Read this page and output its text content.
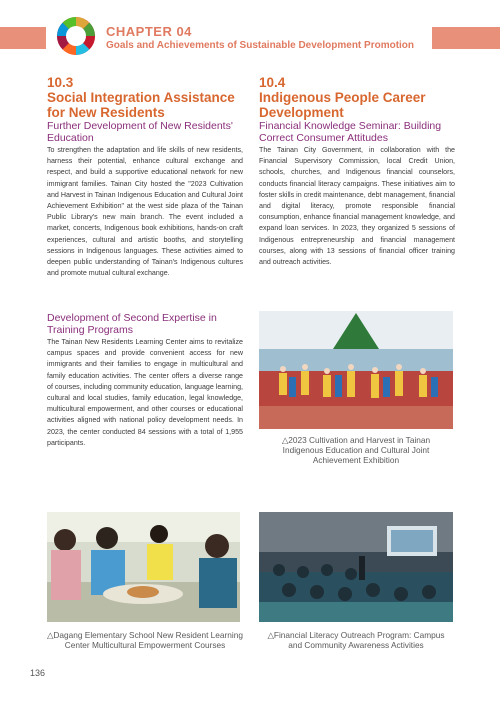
CHAPTER 04
Goals and Achievements of Sustainable Development Promotion
10.3
Social Integration Assistance for New Residents
Further Development of New Residents' Education
To strengthen the adaptation and life skills of new residents, harness their potential, enhance cultural exchange and respect, and build a supportive educational network for new immigrant families. Tainan City hosted the "2023 Cultivation and Harvest in Tainan Indigenous Education and Cultural Joint Achievement Exhibition" at the west side plaza of the Tainan Public Library's new main branch. The event included a market, concerts, Indigenous book exhibitions, hands-on craft experiences, cultural and artistic booths, and storytelling sessions in Indigenous languages. These activities aimed to deepen public understanding of Tainan's Indigenous cultures and promote mutual cultural exchange.
Development of Second Expertise in Training Programs
The Tainan New Residents Learning Center aims to revitalize campus spaces and provide convenient access for new immigrants and their families to engage in multicultural and family education activities. The center offers a diverse range of courses, including community education, language learning, cultural and local studies, family education, legal knowledge, multicultural empowerment, and other courses or educational activities aligned with national policy development needs. In 2023, the center conducted 84 sessions with a total of 1,955 participants.
10.4
Indigenous People Career Development
Financial Knowledge Seminar: Building Correct Consumer Attitudes
The Tainan City Government, in collaboration with the Financial Supervisory Commission, local Credit Union, schools, churches, and Indigenous financial counselors, conducts financial literacy campaigns. These initiatives aim to foster skills in credit maintenance, debt management, financial and digital literacy, promote responsible financial consumption, enhance financial management knowledge, and expand loan services. In 2023, they organized 5 sessions of Indigenous entrepreneurship and financial management courses, along with 13 sessions of financial officer training and outreach activities.
△2023 Cultivation and Harvest in Tainan Indigenous Education and Cultural Joint Achievement Exhibition
△Dagang Elementary School New Resident Learning Center Multicultural Empowerment Courses
△Financial Literacy Outreach Program: Campus and Community Awareness Activities
136
